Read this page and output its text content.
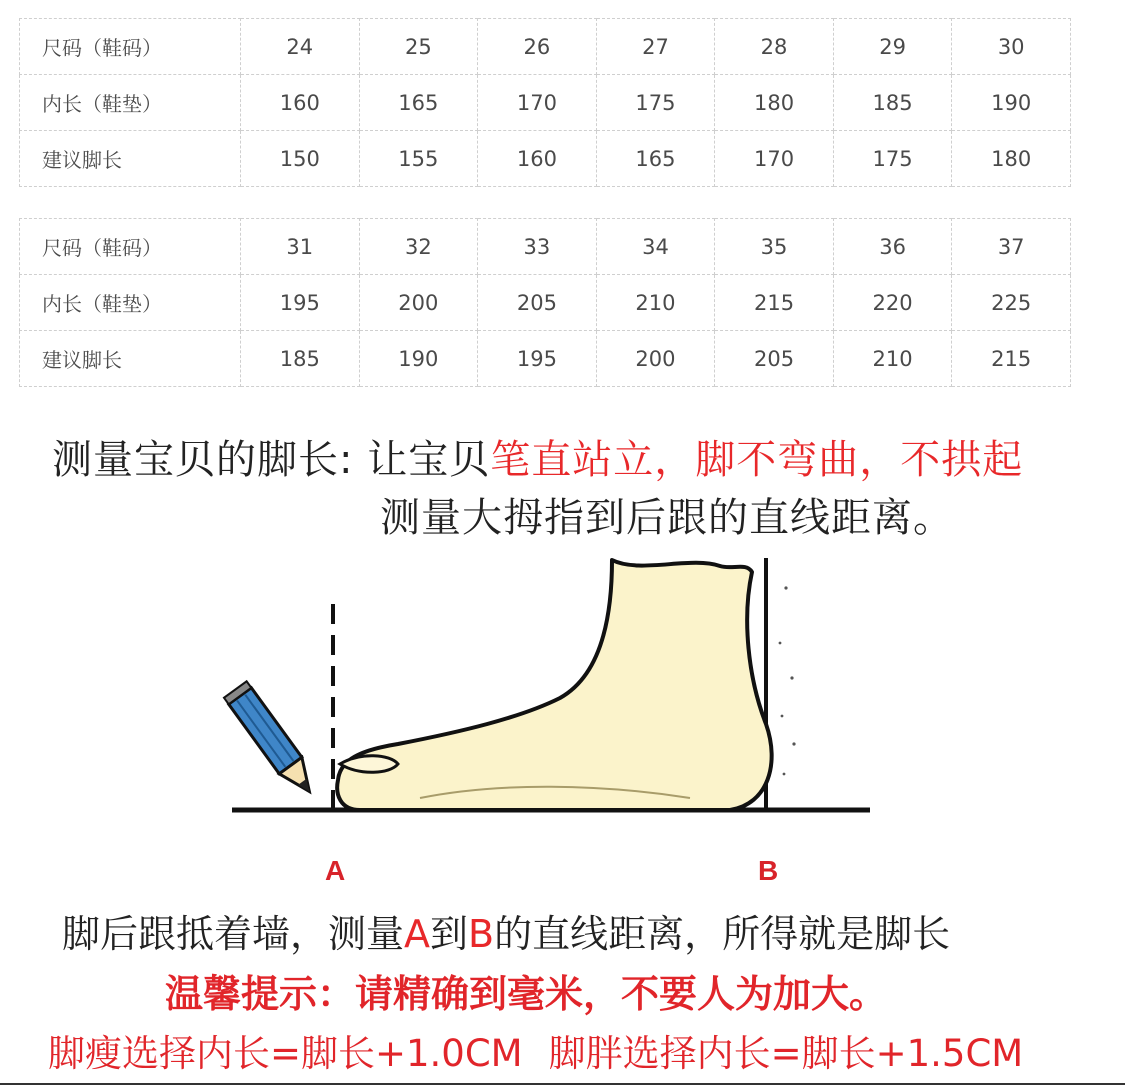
尺码（鞋码）	24	25	26	27	28	29	30
内长（鞋垫）	160	165	170	175	180	185	190
建议脚长	150	155	160	165	170	175	180
尺码（鞋码）	31	32	33	34	35	36	37
内长（鞋垫）	195	200	205	210	215	220	225
建议脚长	185	190	195	200	205	210	215
测量宝贝的脚长: 让宝贝笔直站立，脚不弯曲，不拱起
测量大拇指到后跟的直线距离。
A	B
脚后跟抵着墙，测量A到B的直线距离，所得就是脚长
温馨提示：请精确到毫米，不要人为加大。
脚瘦选择内长=脚长+1.0CM 脚胖选择内长=脚长+1.5CM
